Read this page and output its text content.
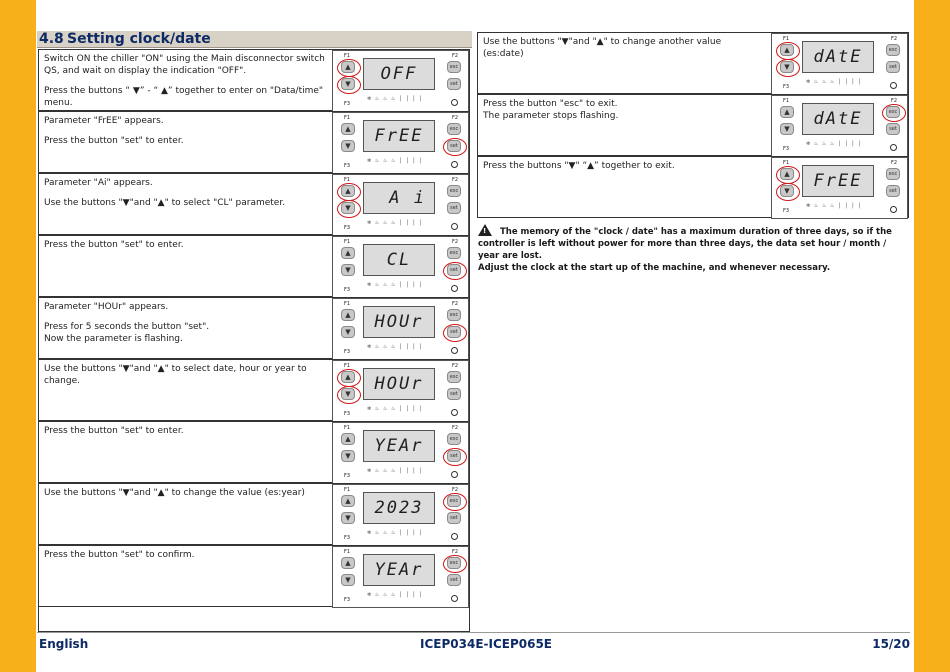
4.8 Setting clock/date

Switch ON the chiller "ON" using the Main disconnector switch QS, and wait on display the indication "OFF".

Press the buttons “ ▼” - “ ▲” together to enter on "Data/time" menu.

F1	F2
F3
▲
▼
esc
set
OFF
❄ ♨ ♨ ♨ │ │ │ │

Parameter "FrEE" appears.

Press the button "set" to enter.

F1	F2
F3
▲
▼
esc
set
FrEE
❄ ♨ ♨ ♨ │ │ │ │

Parameter "Ai" appears.

Use the buttons "▼"and "▲" to select "CL" parameter.

F1	F2
F3
▲
▼
esc
set
A i
❄ ♨ ♨ ♨ │ │ │ │

Press the button "set" to enter.	F1	F2
F3
▲
▼
esc
set
CL
❄ ♨ ♨ ♨ │ │ │ │

Parameter "HOUr" appears.

Press for 5 seconds the button "set".
Now the parameter is flashing.

F1	F2
F3
▲
▼
esc
set
HOUr
❄ ♨ ♨ ♨ │ │ │ │

Use the buttons "▼"and "▲" to select date, hour or year to change.

F1	F2
F3
▲
▼
esc
set
HOUr
❄ ♨ ♨ ♨ │ │ │ │

Press the button "set" to enter.	F1	F2
F3
▲
▼
esc
set
YEAr
❄ ♨ ♨ ♨ │ │ │ │

Use the buttons "▼"and "▲" to change the value (es:year)	F1	F2
F3
▲
▼
esc
set
2023
❄ ♨ ♨ ♨ │ │ │ │

Press the button "set" to confirm.	F1	F2
F3
▲
▼
esc
set
YEAr
❄ ♨ ♨ ♨ │ │ │ │

Use the buttons "▼"and "▲" to change another value (es:date)

F1	F2
F3
▲
▼
esc
set
dAtE
❄ ♨ ♨ ♨ │ │ │ │

Press the button "esc" to exit.
The parameter stops flashing.

F1	F2
F3
▲
▼
esc
set
dAtE
❄ ♨ ♨ ♨ │ │ │ │

Press the buttons "▼" “▲” together to exit.	F1	F2
F3
▲
▼
esc
set
FrEE
❄ ♨ ♨ ♨ │ │ │ │
! The memory of the "clock / date" has a maximum duration of three days, so if the controller is left without power for more than three days, the data set hour / month / year are lost.
Adjust the clock at the start up of the machine, and whenever necessary.
English	ICEP034E-ICEP065E	15/20
